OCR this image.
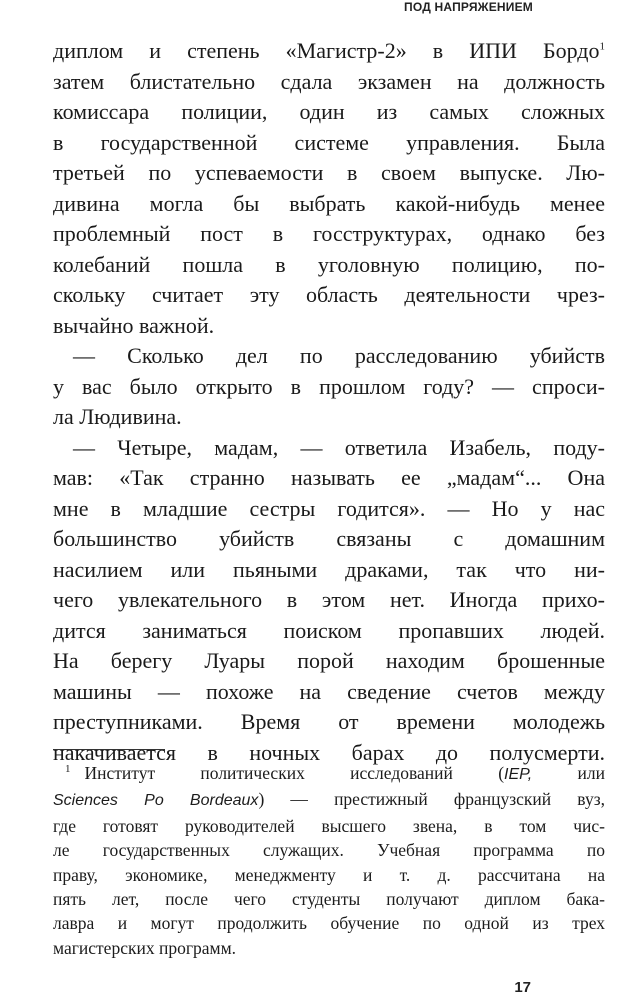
ПОД НАПРЯЖЕНИЕМ
диплом и степень «Магистр-2» в ИПИ Бордо$^1$
затем блистательно сдала экзамен на должность
комиссара полиции, один из самых сложных
в государственной системе управления. Была
третьей по успеваемости в своем выпуске. Лю-
дивина могла бы выбрать какой-нибудь менее
проблемный пост в госструктурах, однако без
колебаний пошла в уголовную полицию, по-
скольку считает эту область деятельности чрез-
вычайно важной.
— Сколько дел по расследованию убийств
у вас было открыто в прошлом году? — спроси-
ла Людивина.
— Четыре, мадам, — ответила Изабель, поду-
мав: «Так странно называть ее „мадам“... Она
мне в младшие сестры годится». — Но у нас
большинство убийств связаны с домашним
насилием или пьяными драками, так что ни-
чего увлекательного в этом нет. Иногда прихо-
дится заниматься поиском пропавших людей.
На берегу Луары порой находим брошенные
машины — похоже на сведение счетов между
преступниками. Время от времени молодежь
накачивается в ночных барах до полусмерти.
$^1$ Институт политических исследований (IEP, или
Sciences Po Bordeaux) — престижный французский вуз,
где готовят руководителей высшего звена, в том чис-
ле государственных служащих. Учебная программа по
праву, экономике, менеджменту и т. д. рассчитана на
пять лет, после чего студенты получают диплом бака-
лавра и могут продолжить обучение по одной из трех
магистерских программ.
17
